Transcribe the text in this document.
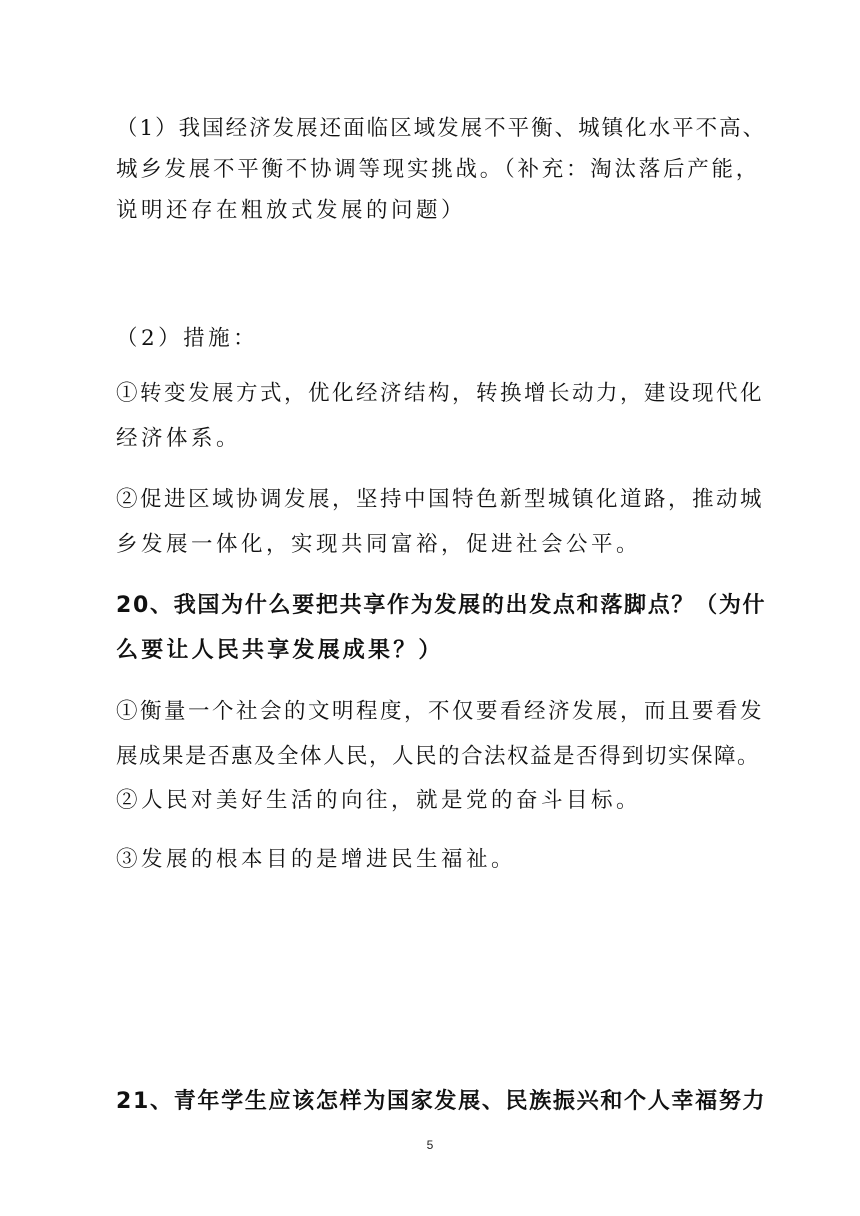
（1）我国经济发展还面临区域发展不平衡、城镇化水平不高、
城乡发展不平衡不协调等现实挑战。（补充：淘汰落后产能，
说明还存在粗放式发展的问题）
（2）措施：
①转变发展方式，优化经济结构，转换增长动力，建设现代化
经济体系。
②促进区域协调发展，坚持中国特色新型城镇化道路，推动城
乡发展一体化，实现共同富裕，促进社会公平。
20、我国为什么要把共享作为发展的出发点和落脚点？（为什
么要让人民共享发展成果？）
①衡量一个社会的文明程度，不仅要看经济发展，而且要看发
展成果是否惠及全体人民，人民的合法权益是否得到切实保障。
②人民对美好生活的向往，就是党的奋斗目标。
③发展的根本目的是增进民生福祉。
21、青年学生应该怎样为国家发展、民族振兴和个人幸福努力
5
